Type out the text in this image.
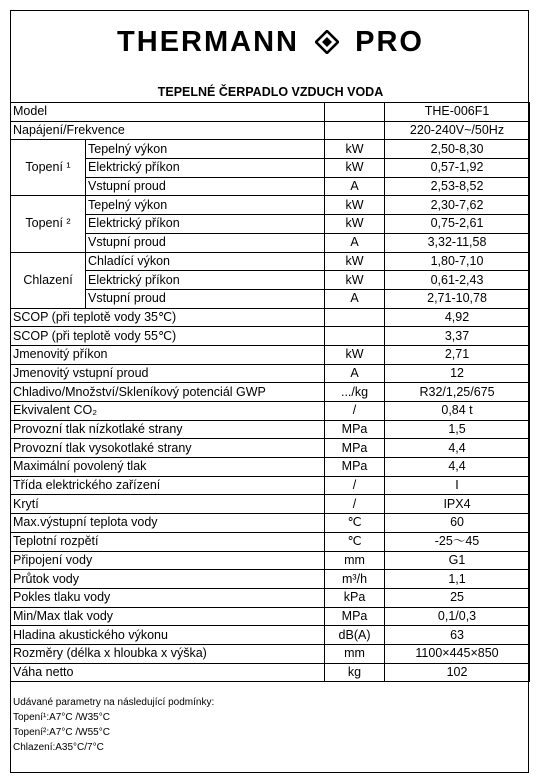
THERMANN PRO
TEPELNÉ ČERPADLO VZDUCH VODA
Model			THE-006F1
Napájení/Frekvence			220-240V~/50Hz
Topení ¹	Tepelný výkon	kW	2,50-8,30
	Elektrický příkon	kW	0,57-1,92
	Vstupní proud	A	2,53-8,52
Topení ²	Tepelný výkon	kW	2,30-7,62
	Elektrický příkon	kW	0,75-2,61
	Vstupní proud	A	3,32-11,58
Chlazení	Chladící výkon	kW	1,80-7,10
	Elektrický příkon	kW	0,61-2,43
	Vstupní proud	A	2,71-10,78
SCOP (při teplotě vody 35℃)			4,92
SCOP (při teplotě vody 55℃)			3,37
Jmenovitý příkon		kW	2,71
Jmenovitý vstupní proud		A	12
Chladivo/Množství/Skleníkový potenciál GWP		.../kg	R32/1,25/675
Ekvivalent CO₂		/	0,84 t
Provozní tlak nízkotlaké strany		MPa	1,5
Provozní tlak vysokotlaké strany		MPa	4,4
Maximální povolený tlak		MPa	4,4
Třída elektrického zařízení		/	I
Krytí		/	IPX4
Max.výstupní teplota vody		℃	60
Teplotní rozpětí		℃	-25～45
Připojení vody		mm	G1
Průtok vody		m³/h	1,1
Pokles tlaku vody		kPa	25
Min/Max tlak vody		MPa	0,1/0,3
Hladina akustického výkonu		dB(A)	63
Rozměry (délka x hloubka x výška)		mm	1100×445×850
Váha netto		kg	102
Udávané parametry na následující podmínky:
Topení¹:A7°C /W35°C
Topení²:A7°C /W55°C
Chlazení:A35°C/7°C
